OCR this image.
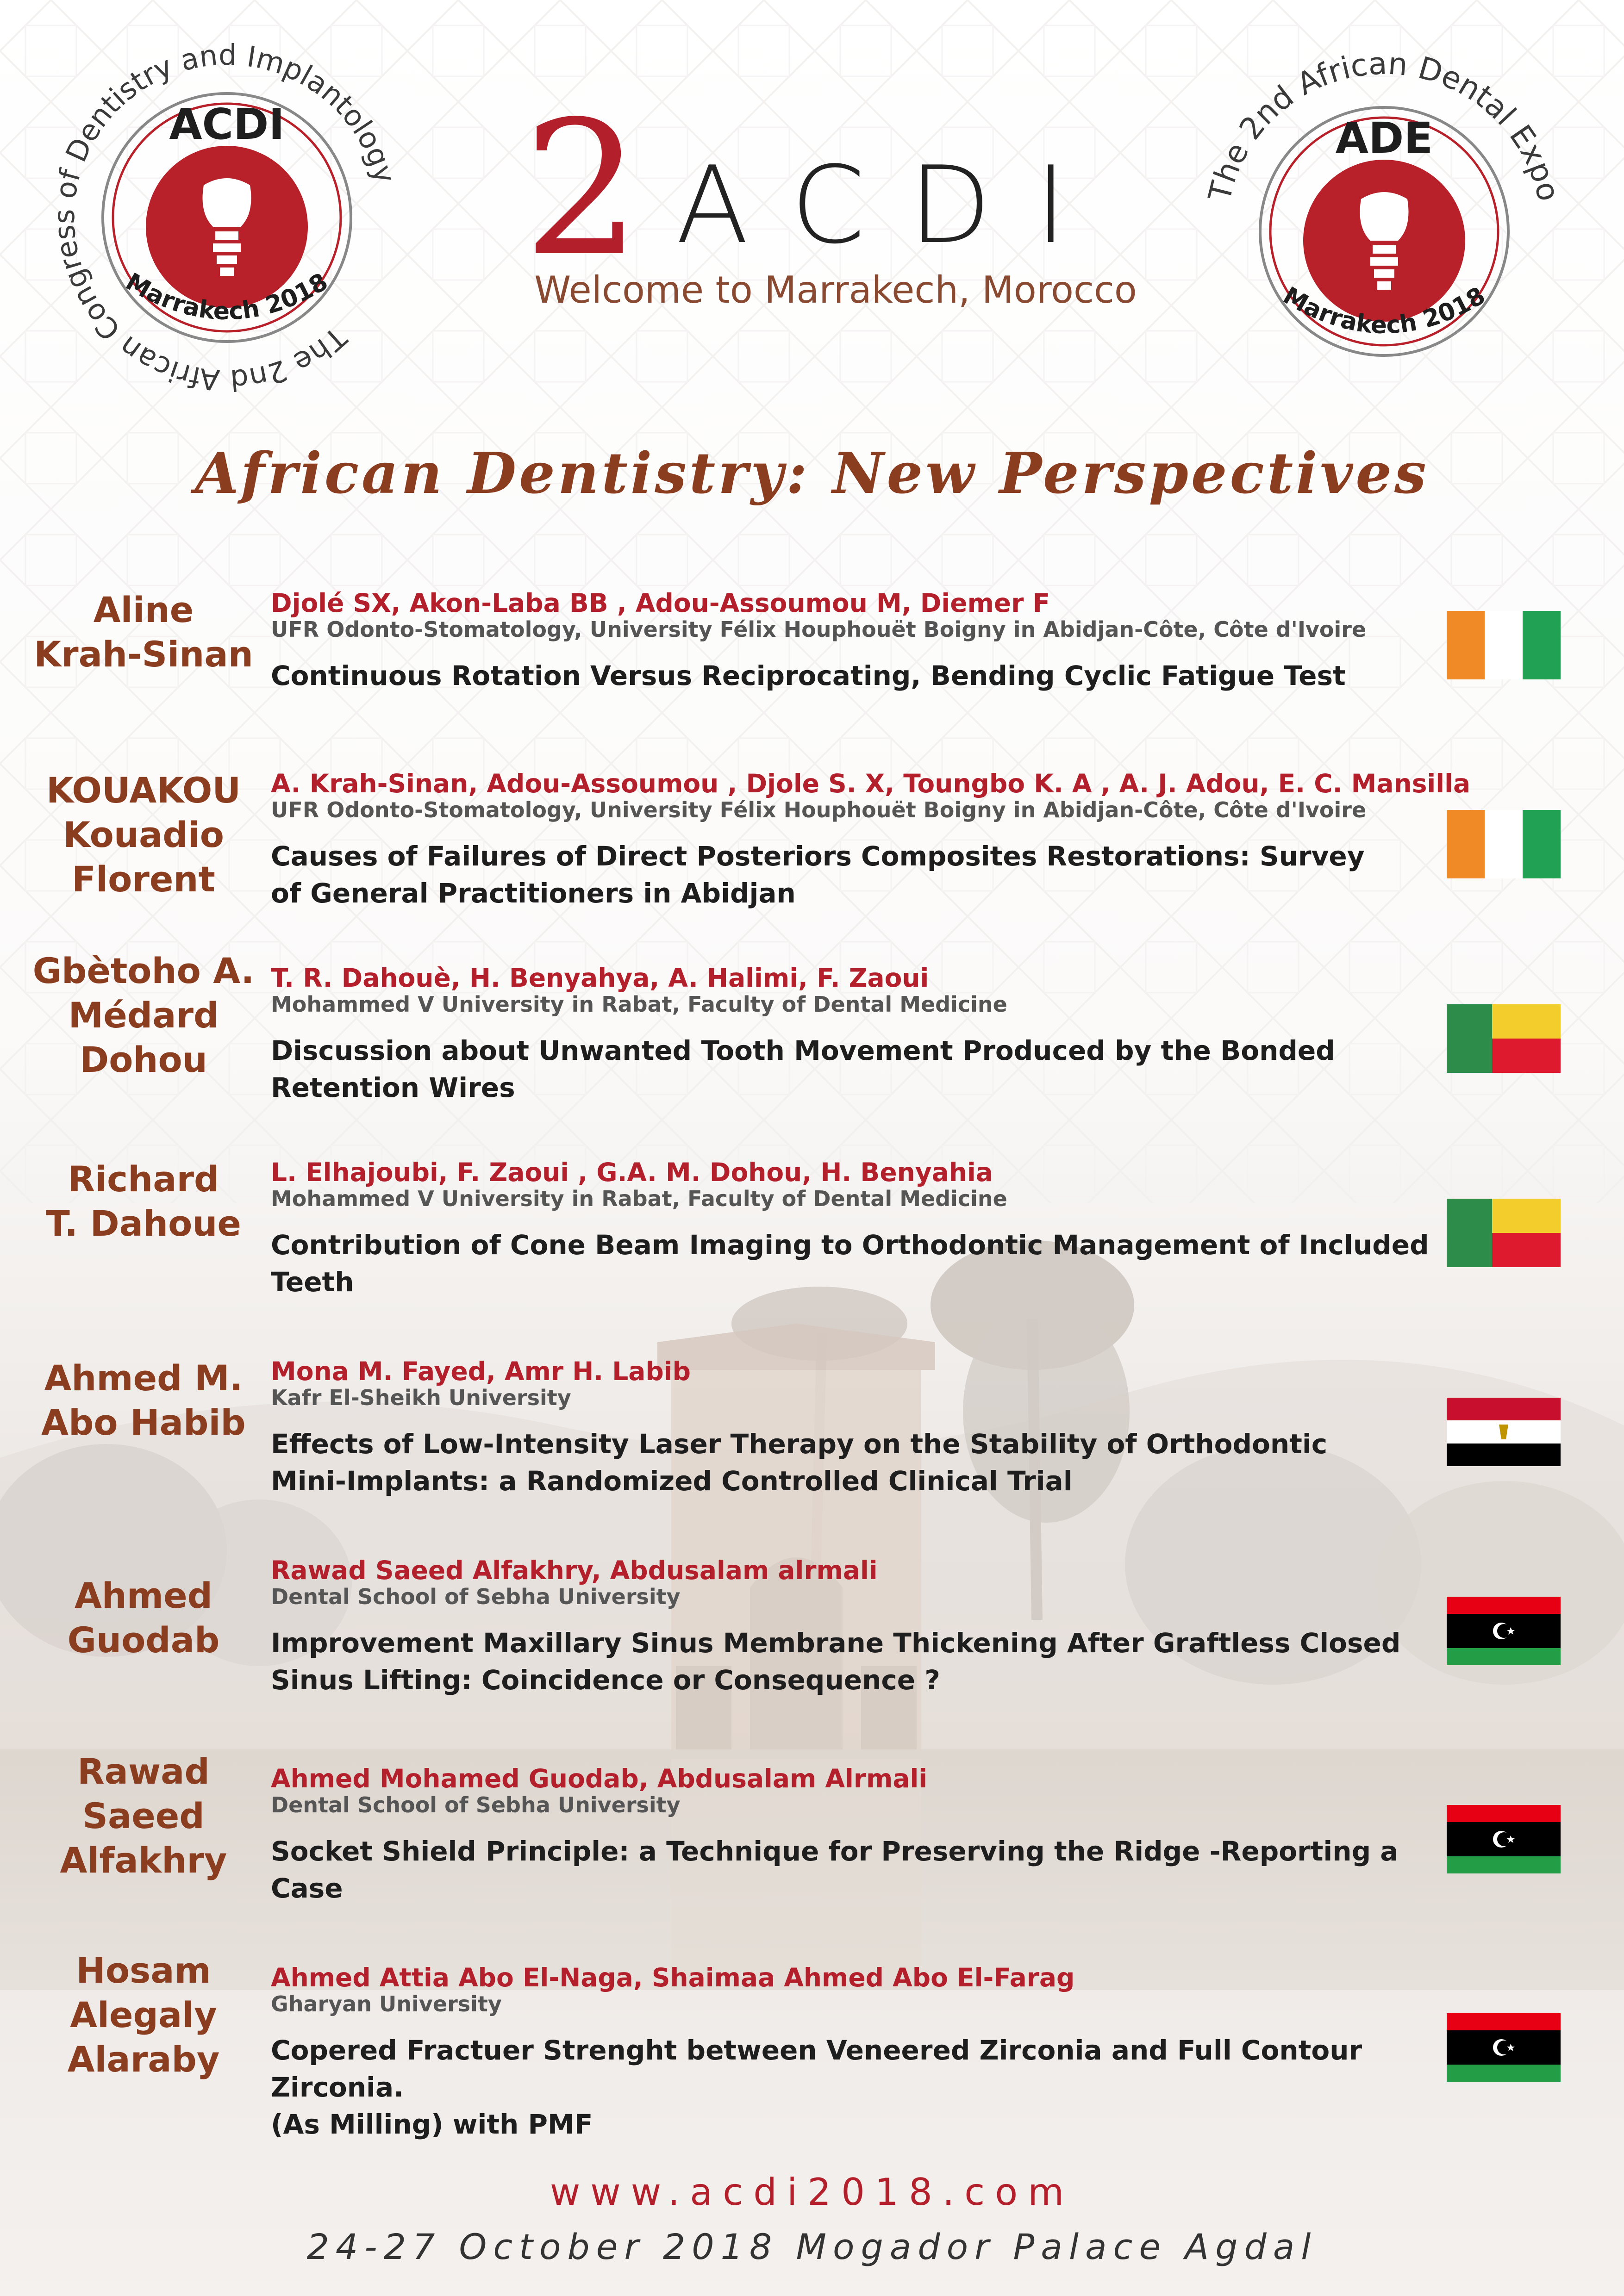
The 2nd African Congress of Dentistry and Implantology
ACDI
Marrakech 2018
The 2nd African Dental Expo
ADE
Marrakech 2018
2 ACDI
Welcome to Marrakech, Morocco
African Dentistry: New Perspectives
Aline
Krah-Sinan
Djolé SX, Akon-Laba BB , Adou-Assoumou M, Diemer F
UFR Odonto-Stomatology, University Félix Houphouët Boigny in Abidjan-Côte, Côte d'Ivoire
Continuous Rotation Versus Reciprocating, Bending Cyclic Fatigue Test
KOUAKOU
Kouadio
Florent
A. Krah-Sinan, Adou-Assoumou , Djole S. X, Toungbo K. A , A. J. Adou, E. C. Mansilla
UFR Odonto-Stomatology, University Félix Houphouët Boigny in Abidjan-Côte, Côte d'Ivoire
Causes of Failures of Direct Posteriors Composites Restorations: Survey
of General Practitioners in Abidjan
Gbètoho A.
Médard
Dohou
T. R. Dahouè, H. Benyahya, A. Halimi, F. Zaoui
Mohammed V University in Rabat, Faculty of Dental Medicine
Discussion about Unwanted Tooth Movement Produced by the Bonded
Retention Wires
Richard
T. Dahoue
L. Elhajoubi, F. Zaoui , G.A. M. Dohou, H. Benyahia
Mohammed V University in Rabat, Faculty of Dental Medicine
Contribution of Cone Beam Imaging to Orthodontic Management of Included
Teeth
Ahmed M.
Abo Habib
Mona M. Fayed, Amr H. Labib
Kafr El-Sheikh University
Effects of Low-Intensity Laser Therapy on the Stability of Orthodontic
Mini-Implants: a Randomized Controlled Clinical Trial
Ahmed
Guodab
Rawad Saeed Alfakhry, Abdusalam alrmali
Dental School of Sebha University
Improvement Maxillary Sinus Membrane Thickening After Graftless Closed
Sinus Lifting: Coincidence or Consequence ?
Rawad
Saeed
Alfakhry
Ahmed Mohamed Guodab, Abdusalam Alrmali
Dental School of Sebha University
Socket Shield Principle: a Technique for Preserving the Ridge -Reporting a Case
Hosam
Alegaly
Alaraby
Ahmed Attia Abo El-Naga, Shaimaa Ahmed Abo El-Farag
Gharyan University
Copered Fractuer Strenght between Veneered Zirconia and Full Contour Zirconia.
(As Milling) with PMF
www.acdi2018.com
24-27 October 2018 Mogador Palace Agdal
